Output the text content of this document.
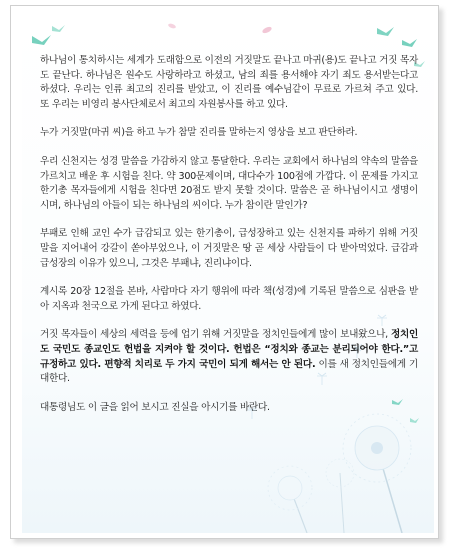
하나님이 통치하시는 세계가 도래함으로 이전의 거짓말도 끝나고 마귀(용)도 끝나고 거짓 목자도 끝난다. 하나님은 원수도 사랑하라고 하셨고, 남의 죄를 용서해야 자기 죄도 용서받는다고 하셨다. 우리는 인류 최고의 진리를 받았고, 이 진리를 예수님같이 무료로 가르쳐 주고 있다. 또 우리는 비영리 봉사단체로서 최고의 자원봉사를 하고 있다.

누가 거짓말(마귀 씨)을 하고 누가 참말 진리를 말하는지 영상을 보고 판단하라.

우리 신천지는 성경 말씀을 가감하지 않고 통달한다. 우리는 교회에서 하나님의 약속의 말씀을 가르치고 배운 후 시험을 친다. 약 300문제이며, 대다수가 100점에 가깝다. 이 문제를 가지고 한기총 목자들에게 시험을 친다면 20점도 받지 못할 것이다. 말씀은 곧 하나님이시고 생명이시며, 하나님의 아들이 되는 하나님의 씨이다. 누가 참이란 말인가?

부패로 인해 교인 수가 급감되고 있는 한기총이, 급성장하고 있는 신천지를 파하기 위해 거짓말을 지어내어 강갈이 쏟아부었으나, 이 거짓말은 땅 곧 세상 사람들이 다 받아먹었다. 급감과 급성장의 이유가 있으니, 그것은 부패냐, 진리냐이다.

계시록 20장 12절을 본바, 사람마다 자기 행위에 따라 책(성경)에 기록된 말씀으로 심판을 받아 지옥과 천국으로 가게 된다고 하였다.

거짓 목자들이 세상의 세력을 등에 업기 위해 거짓말을 정치인들에게 많이 보내왔으나, 정치인도 국민도 종교인도 헌법을 지켜야 할 것이다. 헌법은 “정치와 종교는 분리되어야 한다.”고 규정하고 있다. 편향적 치리로 두 가지 국민이 되게 해서는 안 된다. 이를 새 정치인들에게 기대한다.

대통령님도 이 글을 읽어 보시고 진실을 아시기를 바란다.
